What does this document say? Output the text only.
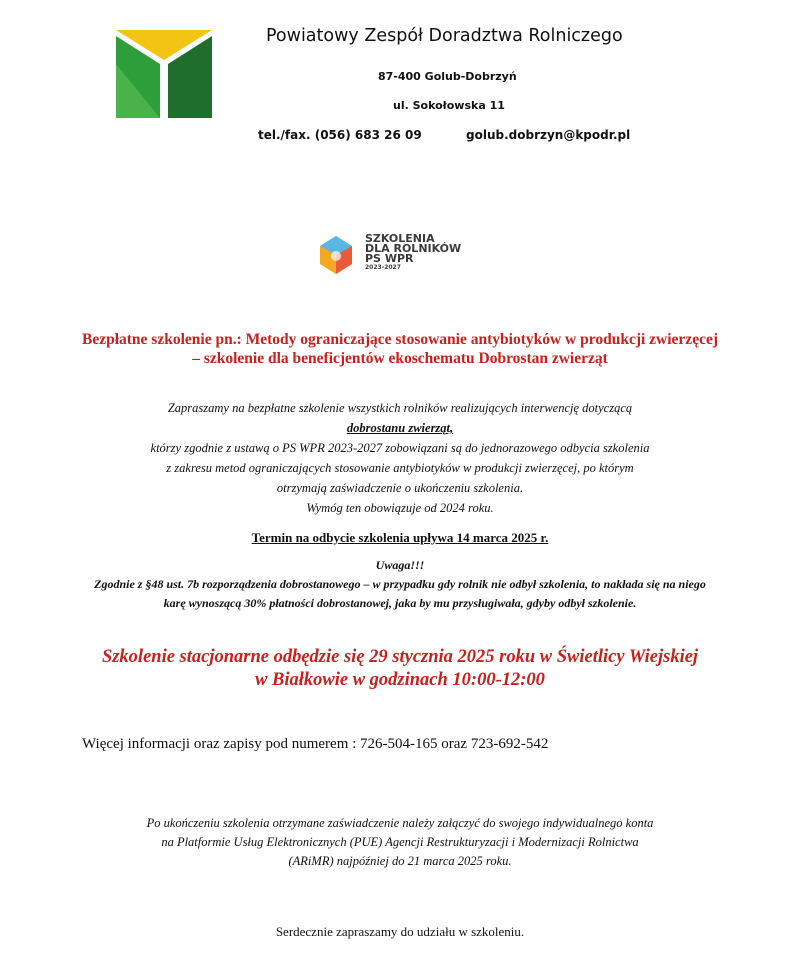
Powiatowy Zespół Doradztwa Rolniczego
87-400 Golub-Dobrzyń
ul. Sokołowska 11
tel./fax. (056) 683 26 09	golub.dobrzyn@kpodr.pl
SZKOLENIA
DLA ROLNIKÓW
PS WPR
2023-2027
Bezpłatne szkolenie pn.: Metody ograniczające stosowanie antybiotyków w produkcji zwierzęcej
– szkolenie dla beneficjentów ekoschematu Dobrostan zwierząt
Zapraszamy na bezpłatne szkolenie wszystkich rolników realizujących interwencję dotyczącą
dobrostanu zwierząt,
którzy zgodnie z ustawą o PS WPR 2023-2027 zobowiązani są do jednorazowego odbycia szkolenia
z zakresu metod ograniczających stosowanie antybiotyków w produkcji zwierzęcej, po którym
otrzymają zaświadczenie o ukończeniu szkolenia.
Wymóg ten obowiązuje od 2024 roku.
Termin na odbycie szkolenia upływa 14 marca 2025 r.
Uwaga!!!
Zgodnie z §48 ust. 7b rozporządzenia dobrostanowego – w przypadku gdy rolnik nie odbył szkolenia, to nakłada się na niego karę wynoszącą 30% płatności dobrostanowej, jaka by mu przysługiwała, gdyby odbył szkolenie.
Szkolenie stacjonarne odbędzie się 29 stycznia 2025 roku w Świetlicy Wiejskiej
w Białkowie w godzinach 10:00-12:00
Więcej informacji oraz zapisy pod numerem : 726-504-165 oraz 723-692-542
Po ukończeniu szkolenia otrzymane zaświadczenie należy załączyć do swojego indywidualnego konta
na Platformie Usług Elektronicznych (PUE) Agencji Restrukturyzacji i Modernizacji Rolnictwa
(ARiMR) najpóźniej do 21 marca 2025 roku.
Serdecznie zapraszamy do udziału w szkoleniu.
